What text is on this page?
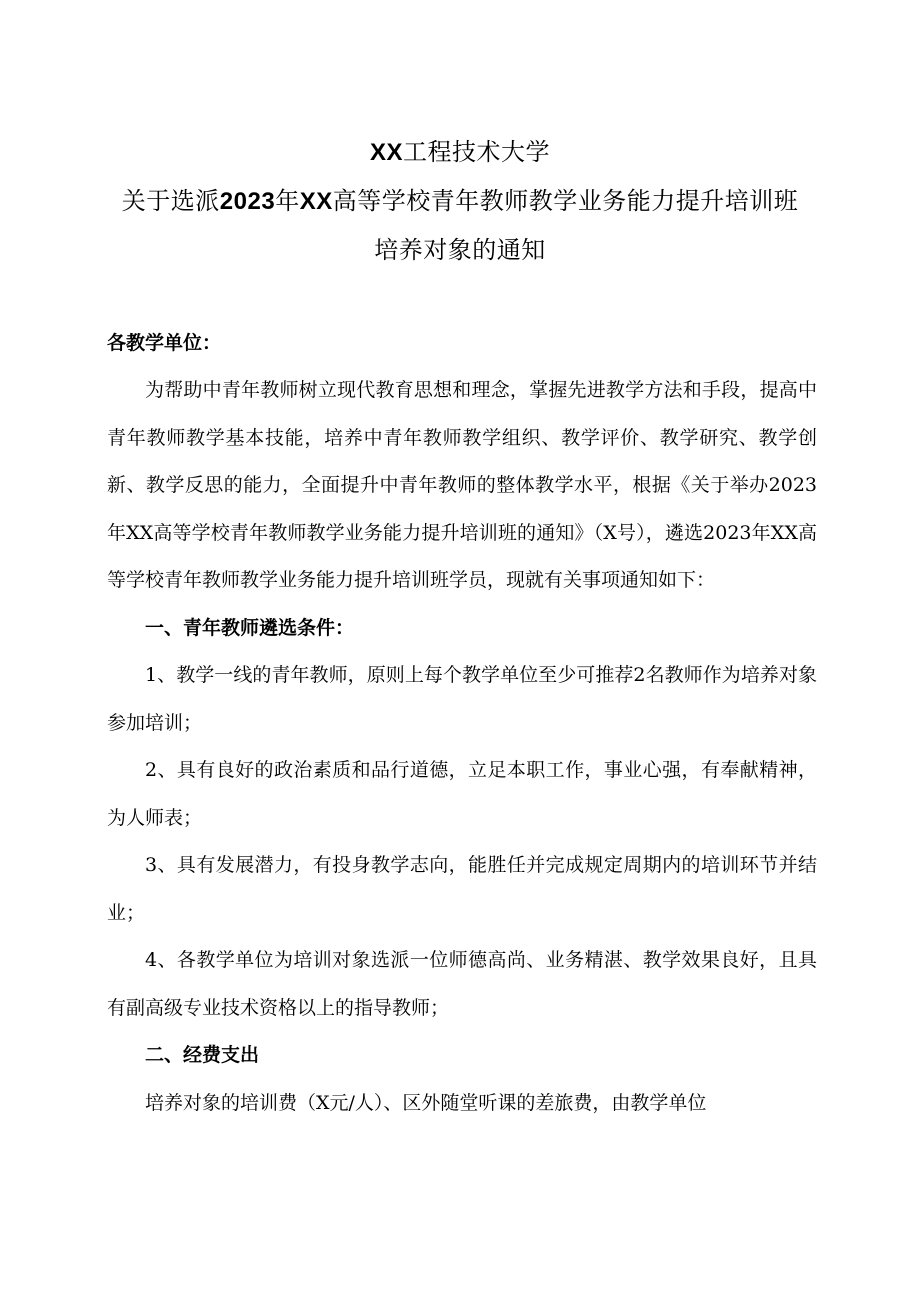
XX工程技术大学
关于选派2023年XX高等学校青年教师教学业务能力提升培训班
培养对象的通知
各教学单位：

为帮助中青年教师树立现代教育思想和理念，掌握先进教学方法和手段，提高中青年教师教学基本技能，培养中青年教师教学组织、教学评价、教学研究、教学创新、教学反思的能力，全面提升中青年教师的整体教学水平，根据《关于举办2023年XX高等学校青年教师教学业务能力提升培训班的通知》（X号），遴选2023年XX高等学校青年教师教学业务能力提升培训班学员，现就有关事项通知如下：

一、青年教师遴选条件：

1、教学一线的青年教师，原则上每个教学单位至少可推荐2名教师作为培养对象参加培训；

2、具有良好的政治素质和品行道德，立足本职工作，事业心强，有奉献精神，为人师表；

3、具有发展潜力，有投身教学志向，能胜任并完成规定周期内的培训环节并结业；

4、各教学单位为培训对象选派一位师德高尚、业务精湛、教学效果良好，且具有副高级专业技术资格以上的指导教师；

二、经费支出

培养对象的培训费（X元/人）、区外随堂听课的差旅费，由教学单位
